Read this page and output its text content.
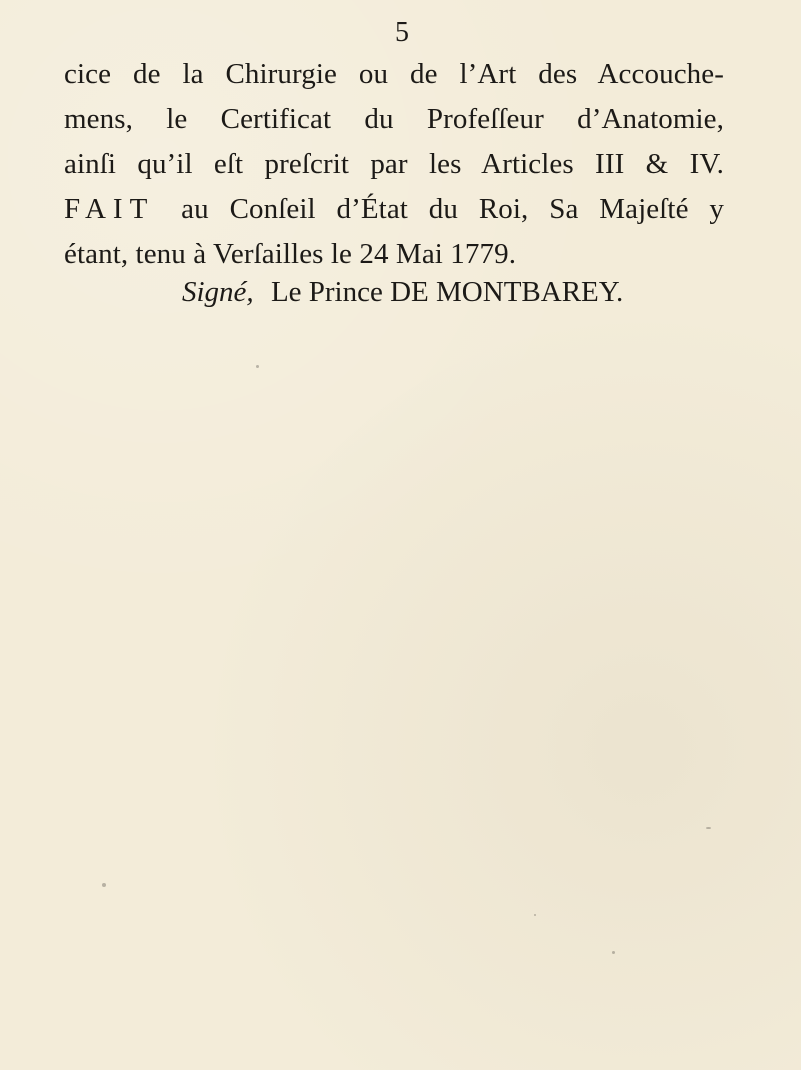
5
cice de la Chirurgie ou de l’Art des Accouche-
mens, le Certificat du Profeſſeur d’Anatomie,
ainſi qu’il eſt preſcrit par les Articles III & IV.
FAIT au Conſeil d’État du Roi, Sa Majeſté y
étant, tenu à Verſailles le 24 Mai 1779.
Signé, Le Prince DE MONTBAREY.
